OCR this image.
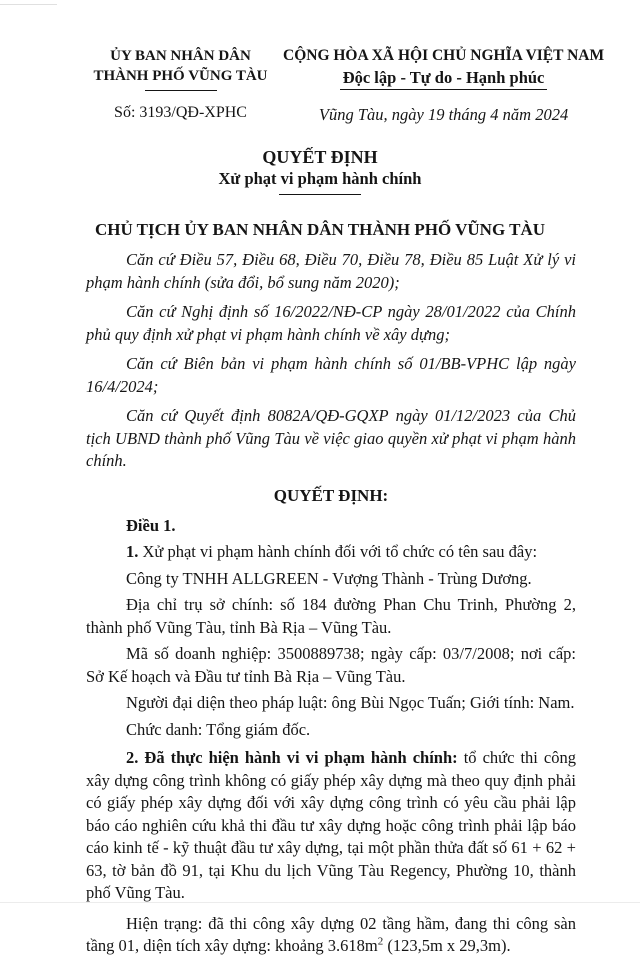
ỦY BAN NHÂN DÂN
THÀNH PHỐ VŨNG TÀU
Số: 3193/QĐ-XPHC
CỘNG HÒA XÃ HỘI CHỦ NGHĨA VIỆT NAM
Độc lập - Tự do - Hạnh phúc
Vũng Tàu, ngày 19 tháng 4 năm 2024
QUYẾT ĐỊNH
Xử phạt vi phạm hành chính
CHỦ TỊCH ỦY BAN NHÂN DÂN THÀNH PHỐ VŨNG TÀU

Căn cứ Điều 57, Điều 68, Điều 70, Điều 78, Điều 85 Luật Xử lý vi phạm hành chính (sửa đổi, bổ sung năm 2020);

Căn cứ Nghị định số 16/2022/NĐ-CP ngày 28/01/2022 của Chính phủ quy định xử phạt vi phạm hành chính về xây dựng;

Căn cứ Biên bản vi phạm hành chính số 01/BB-VPHC lập ngày 16/4/2024;

Căn cứ Quyết định 8082A/QĐ-GQXP ngày 01/12/2023 của Chủ tịch UBND thành phố Vũng Tàu về việc giao quyền xử phạt vi phạm hành chính.

QUYẾT ĐỊNH:

Điều 1.

1. Xử phạt vi phạm hành chính đối với tổ chức có tên sau đây:

Công ty TNHH ALLGREEN - Vượng Thành - Trùng Dương.

Địa chỉ trụ sở chính: số 184 đường Phan Chu Trinh, Phường 2, thành phố Vũng Tàu, tỉnh Bà Rịa – Vũng Tàu.

Mã số doanh nghiệp: 3500889738; ngày cấp: 03/7/2008; nơi cấp: Sở Kế hoạch và Đầu tư tỉnh Bà Rịa – Vũng Tàu.

Người đại diện theo pháp luật: ông Bùi Ngọc Tuấn; Giới tính: Nam.

Chức danh: Tổng giám đốc.

2. Đã thực hiện hành vi vi phạm hành chính: tổ chức thi công xây dựng công trình không có giấy phép xây dựng mà theo quy định phải có giấy phép xây dựng đối với xây dựng công trình có yêu cầu phải lập báo cáo nghiên cứu khả thi đầu tư xây dựng hoặc công trình phải lập báo cáo kinh tế - kỹ thuật đầu tư xây dựng, tại một phần thửa đất số 61 + 62 + 63, tờ bản đồ 91, tại Khu du lịch Vũng Tàu Regency, Phường 10, thành phố Vũng Tàu.

Hiện trạng: đã thi công xây dựng 02 tầng hầm, đang thi công sàn tầng 01, diện tích xây dựng: khoảng $3.618m^2$ (123,5m x 29,3m).
